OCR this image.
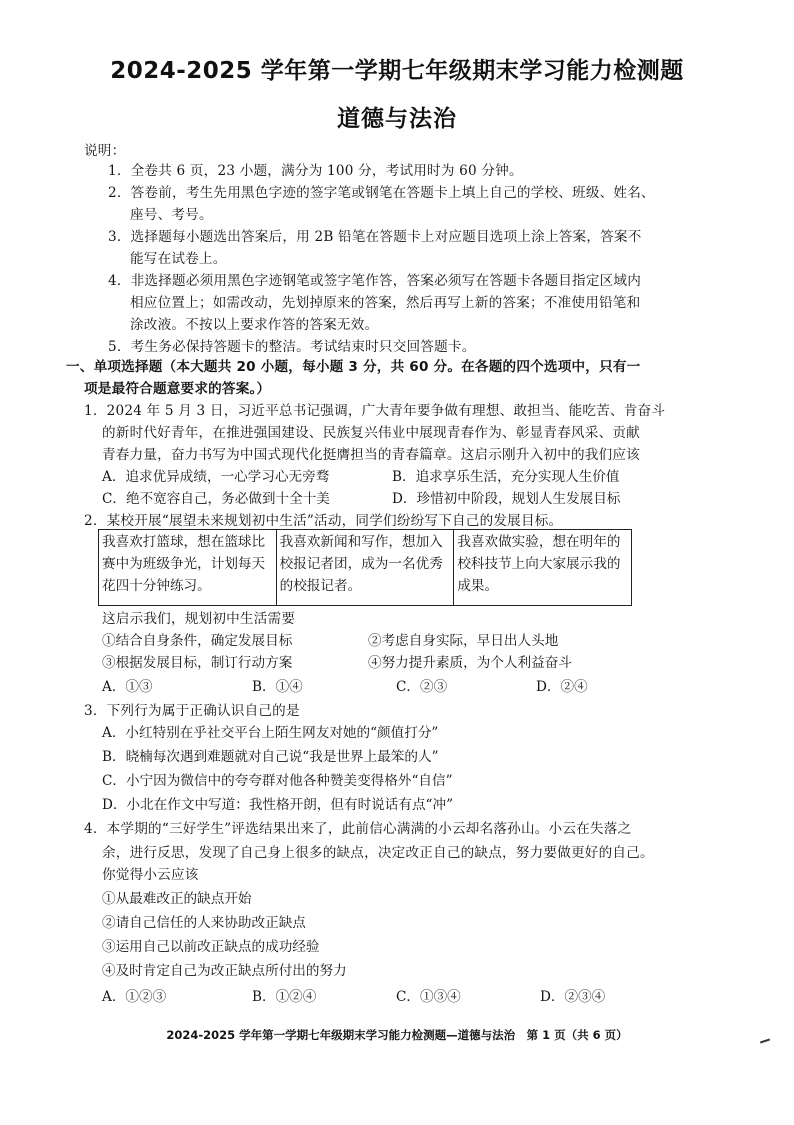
2024-2025 学年第一学期七年级期末学习能力检测题
道德与法治
说明：
1．全卷共 6 页，23 小题，满分为 100 分，考试用时为 60 分钟。
2．答卷前，考生先用黑色字迹的签字笔或钢笔在答题卡上填上自己的学校、班级、姓名、
座号、考号。
3．选择题每小题选出答案后，用 2B 铅笔在答题卡上对应题目选项上涂上答案，答案不
能写在试卷上。
4．非选择题必须用黑色字迹钢笔或签字笔作答，答案必须写在答题卡各题目指定区域内
相应位置上；如需改动，先划掉原来的答案，然后再写上新的答案；不准使用铅笔和
涂改液。不按以上要求作答的答案无效。
5．考生务必保持答题卡的整洁。考试结束时只交回答题卡。
一、单项选择题（本大题共 20 小题，每小题 3 分，共 60 分。在各题的四个选项中，只有一
项是最符合题意要求的答案。）
1．2024 年 5 月 3 日，习近平总书记强调，广大青年要争做有理想、敢担当、能吃苦、肯奋斗
的新时代好青年，在推进强国建设、民族复兴伟业中展现青春作为、彰显青春风采、贡献
青春力量，奋力书写为中国式现代化挺膺担当的青春篇章。这启示刚升入初中的我们应该
A．追求优异成绩，一心学习心无旁骛	B．追求享乐生活，充分实现人生价值
C．绝不宽容自己，务必做到十全十美	D．珍惜初中阶段，规划人生发展目标
2．某校开展“展望未来规划初中生活”活动，同学们纷纷写下自己的发展目标。
我喜欢打篮球，想在篮球比赛中为班级争光，计划每天花四十分钟练习。	我喜欢新闻和写作，想加入校报记者团，成为一名优秀的校报记者。	我喜欢做实验，想在明年的校科技节上向大家展示我的成果。
这启示我们，规划初中生活需要
①结合自身条件，确定发展目标	②考虑自身实际，早日出人头地
③根据发展目标，制订行动方案	④努力提升素质，为个人利益奋斗
A．①③	B．①④	C．②③	D．②④
3．下列行为属于正确认识自己的是
A．小红特别在乎社交平台上陌生网友对她的“颜值打分”
B．晓楠每次遇到难题就对自己说“我是世界上最笨的人”
C．小宁因为微信中的夸夸群对他各种赞美变得格外“自信”
D．小北在作文中写道：我性格开朗，但有时说话有点“冲”
4．本学期的“三好学生”评选结果出来了，此前信心满满的小云却名落孙山。小云在失落之
余，进行反思，发现了自己身上很多的缺点，决定改正自己的缺点，努力要做更好的自己。
你觉得小云应该
①从最难改正的缺点开始
②请自己信任的人来协助改正缺点
③运用自己以前改正缺点的成功经验
④及时肯定自己为改正缺点所付出的努力
A．①②③	B．①②④	C．①③④	D．②③④
2024-2025 学年第一学期七年级期末学习能力检测题—道德与法治　第 1 页（共 6 页）
